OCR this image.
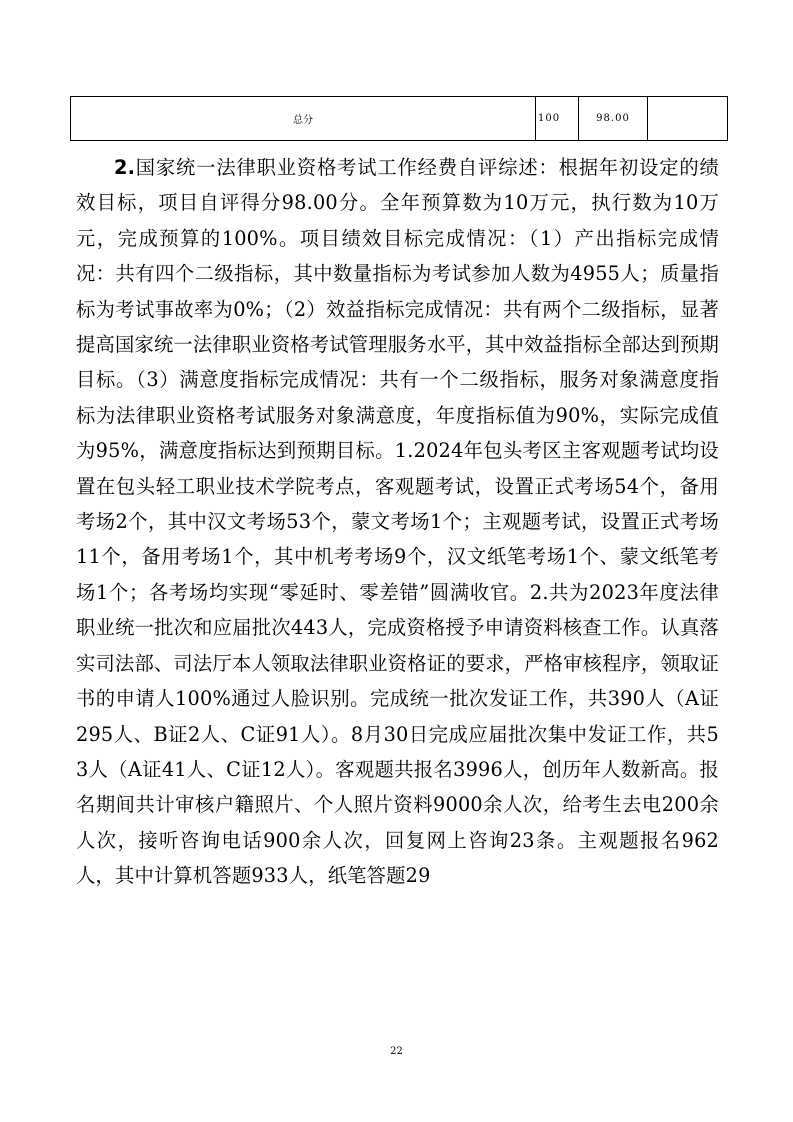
总分	100	98.00	

2.国家统一法律职业资格考试工作经费自评综述：根据年初设定的绩效目标，项目自评得分98.00分。全年预算数为10万元，执行数为10万元，完成预算的100%。项目绩效目标完成情况：（1）产出指标完成情况：共有四个二级指标，其中数量指标为考试参加人数为4955人；质量指标为考试事故率为0%；（2）效益指标完成情况：共有两个二级指标，显著提高国家统一法律职业资格考试管理服务水平，其中效益指标全部达到预期目标。（3）满意度指标完成情况：共有一个二级指标，服务对象满意度指标为法律职业资格考试服务对象满意度，年度指标值为90%，实际完成值为95%，满意度指标达到预期目标。1.2024年包头考区主客观题考试均设置在包头轻工职业技术学院考点，客观题考试，设置正式考场54个，备用考场2个，其中汉文考场53个，蒙文考场1个；主观题考试，设置正式考场11个，备用考场1个，其中机考考场9个，汉文纸笔考场1个、蒙文纸笔考场1个；各考场均实现“零延时、零差错”圆满收官。2.共为2023年度法律职业统一批次和应届批次443人，完成资格授予申请资料核查工作。认真落实司法部、司法厅本人领取法律职业资格证的要求，严格审核程序，领取证书的申请人100%通过人脸识别。完成统一批次发证工作，共390人（A证295人、B证2人、C证91人）。8月30日完成应届批次集中发证工作，共53人（A证41人、C证12人）。客观题共报名3996人，创历年人数新高。报名期间共计审核户籍照片、个人照片资料9000余人次，给考生去电200余人次，接听咨询电话900余人次，回复网上咨询23条。主观题报名962人，其中计算机答题933人，纸笔答题29

22
